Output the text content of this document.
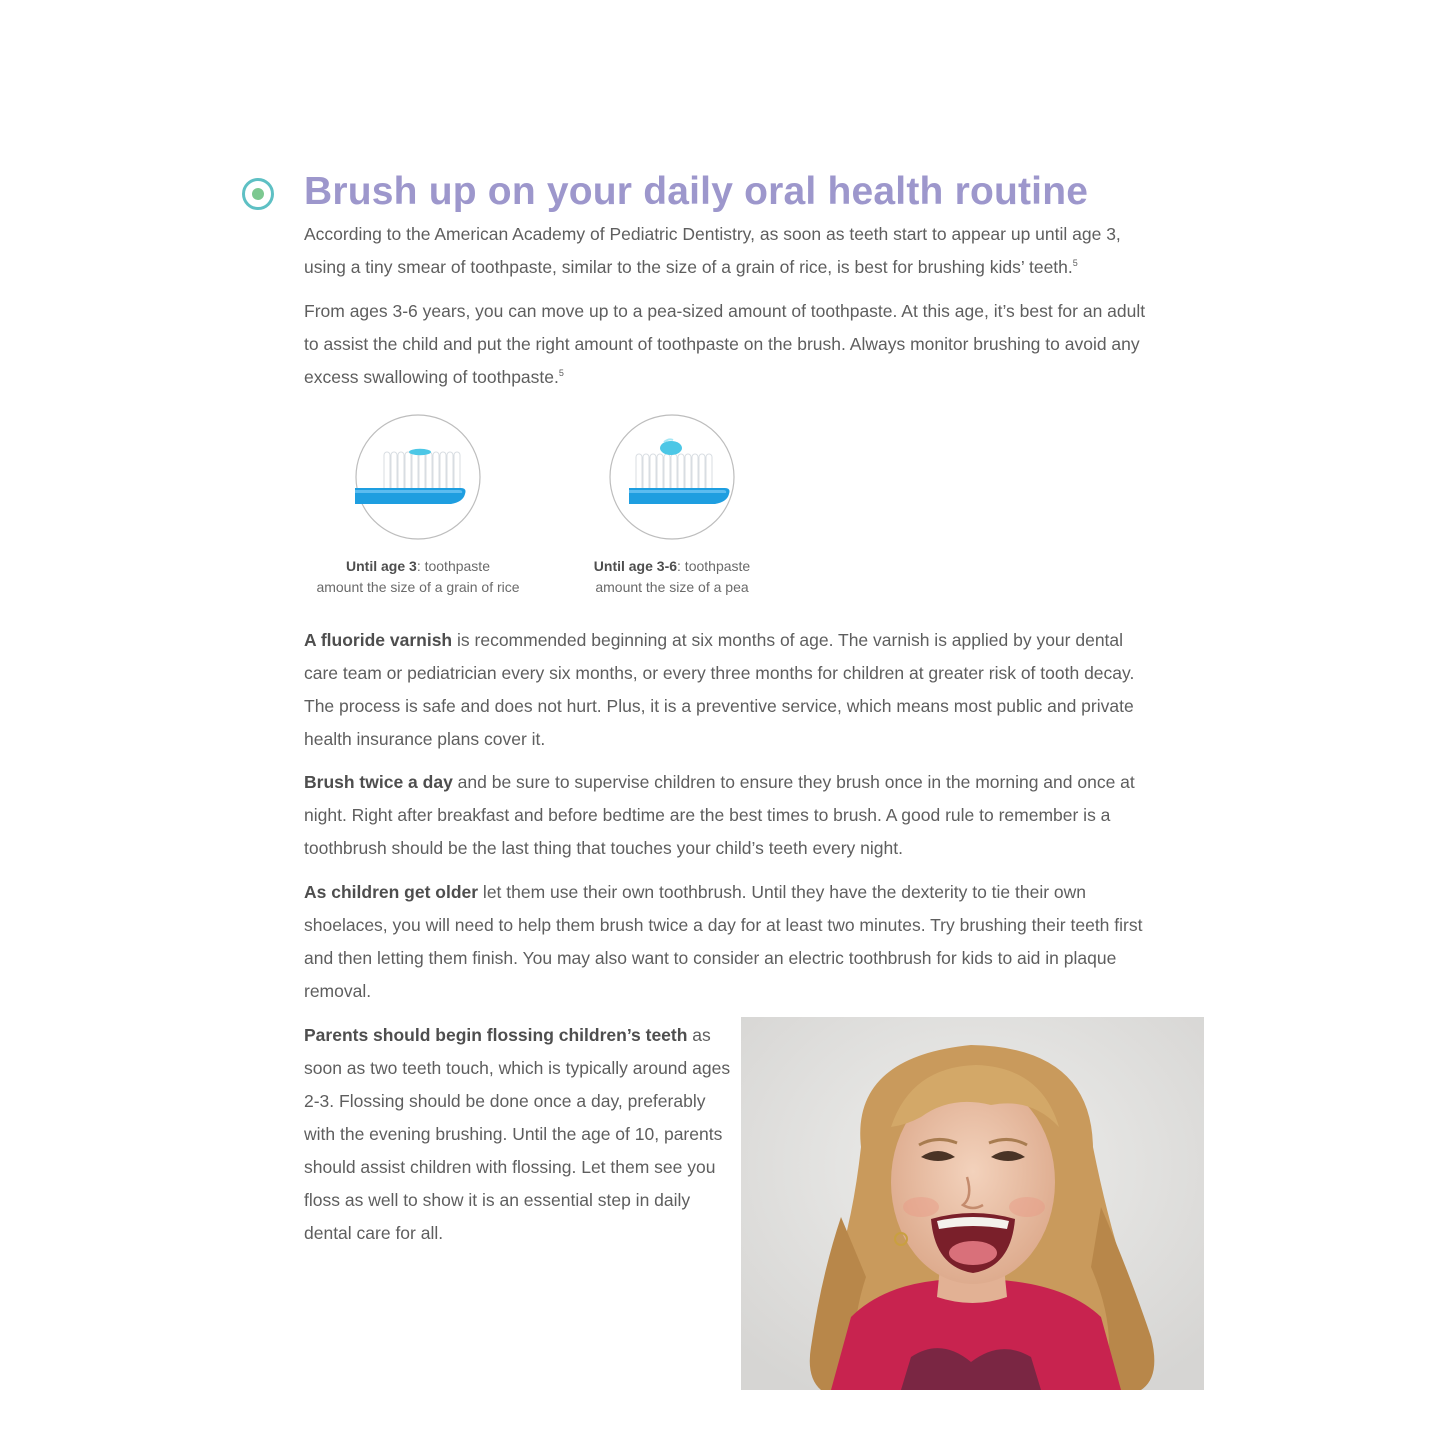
Brush up on your daily oral health routine

According to the American Academy of Pediatric Dentistry, as soon as teeth start to appear up until age 3, using a tiny smear of toothpaste, similar to the size of a grain of rice, is best for brushing kids’ teeth.$^5$

From ages 3-6 years, you can move up to a pea-sized amount of toothpaste. At this age, it’s best for an adult to assist the child and put the right amount of toothpaste on the brush. Always monitor brushing to avoid any excess swallowing of toothpaste.$^5$

Until age 3: toothpaste
amount the size of a grain of rice
Until age 3-6: toothpaste
amount the size of a pea

A fluoride varnish is recommended beginning at six months of age. The varnish is applied by your dental care team or pediatrician every six months, or every three months for children at greater risk of tooth decay. The process is safe and does not hurt. Plus, it is a preventive service, which means most public and private health insurance plans cover it.

Brush twice a day and be sure to supervise children to ensure they brush once in the morning and once at night. Right after breakfast and before bedtime are the best times to brush. A good rule to remember is a toothbrush should be the last thing that touches your child’s teeth every night.

As children get older let them use their own toothbrush. Until they have the dexterity to tie their own shoelaces, you will need to help them brush twice a day for at least two minutes. Try brushing their teeth first and then letting them finish. You may also want to consider an electric toothbrush for kids to aid in plaque removal.

Parents should begin flossing children’s teeth as soon as two teeth touch, which is typically around ages 2-3. Flossing should be done once a day, preferably with the evening brushing. Until the age of 10, parents should assist children with flossing. Let them see you floss as well to show it is an essential step in daily dental care for all.
